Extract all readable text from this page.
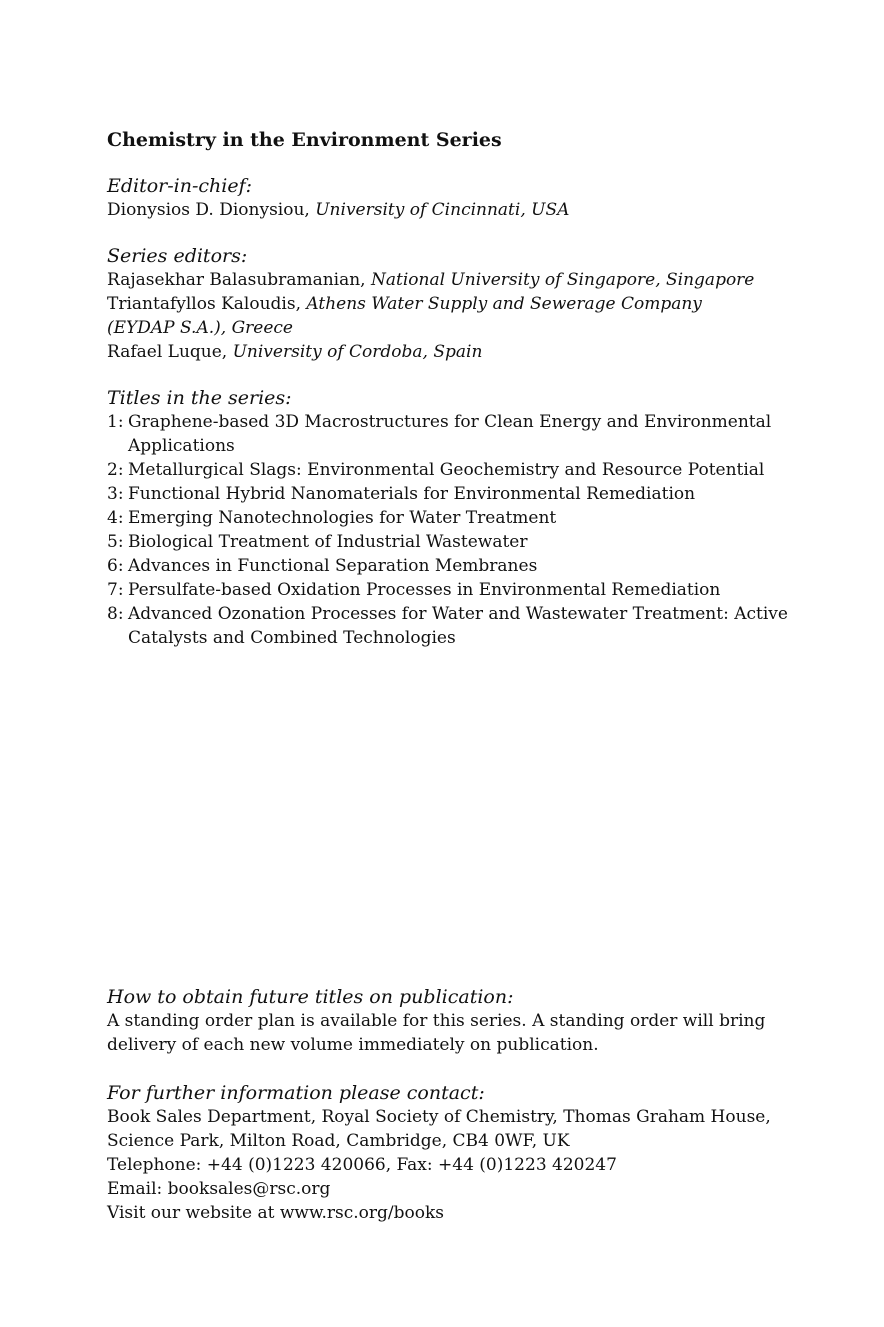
Chemistry in the Environment Series

Editor-in-chief:

Dionysios D. Dionysiou, University of Cincinnati, USA

Series editors:

Rajasekhar Balasubramanian, National University of Singapore, Singapore

Triantafyllos Kaloudis, Athens Water Supply and Sewerage Company

(EYDAP S.A.), Greece

Rafael Luque, University of Cordoba, Spain

Titles in the series:

1: Graphene-based 3D Macrostructures for Clean Energy and Environmental Applications
2: Metallurgical Slags: Environmental Geochemistry and Resource Potential
3: Functional Hybrid Nanomaterials for Environmental Remediation
4: Emerging Nanotechnologies for Water Treatment
5: Biological Treatment of Industrial Wastewater
6: Advances in Functional Separation Membranes
7: Persulfate-based Oxidation Processes in Environmental Remediation
8: Advanced Ozonation Processes for Water and Wastewater Treatment: Active Catalysts and Combined Technologies

How to obtain future titles on publication:

A standing order plan is available for this series. A standing order will bring

delivery of each new volume immediately on publication.

For further information please contact:

Book Sales Department, Royal Society of Chemistry, Thomas Graham House,

Science Park, Milton Road, Cambridge, CB4 0WF, UK

Telephone: +44 (0)1223 420066, Fax: +44 (0)1223 420247

Email: booksales@rsc.org

Visit our website at www.rsc.org/books
